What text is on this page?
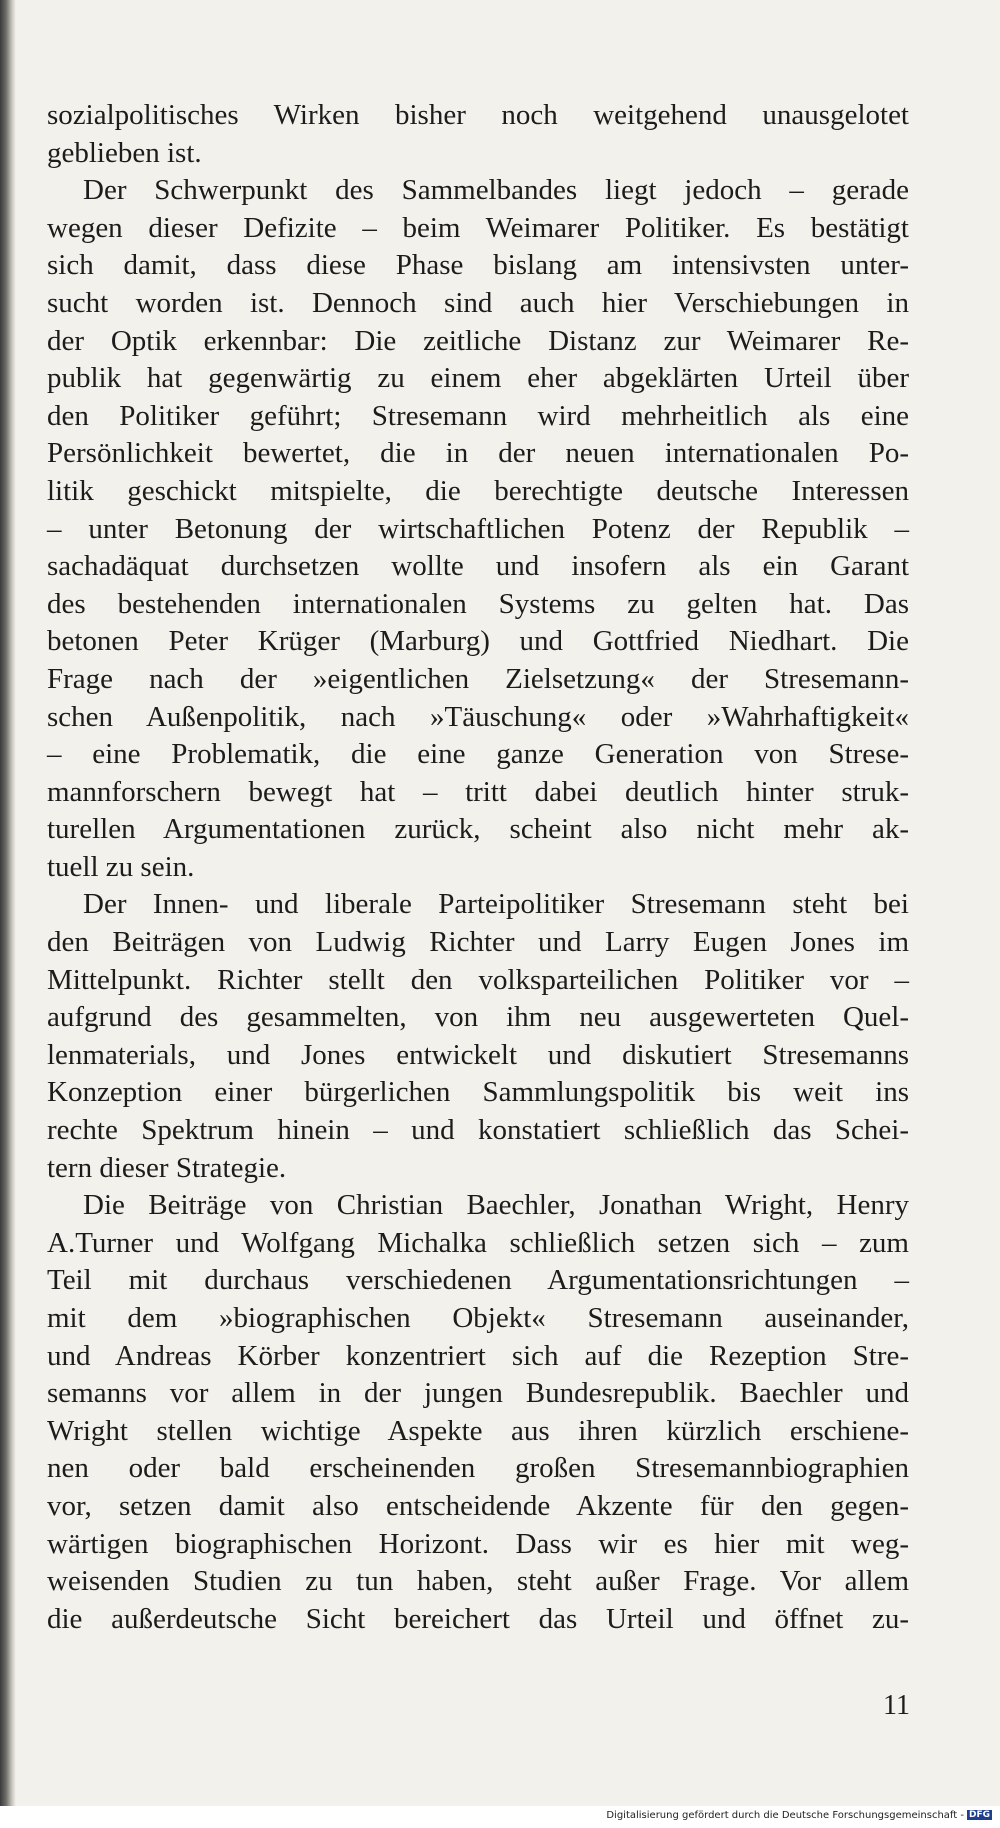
sozialpolitisches Wirken bisher noch weitgehend unausgelotet
geblieben ist.
Der Schwerpunkt des Sammelbandes liegt jedoch – gerade
wegen dieser Defizite – beim Weimarer Politiker. Es bestätigt
sich damit, dass diese Phase bislang am intensivsten unter-
sucht worden ist. Dennoch sind auch hier Verschiebungen in
der Optik erkennbar: Die zeitliche Distanz zur Weimarer Re-
publik hat gegenwärtig zu einem eher abgeklärten Urteil über
den Politiker geführt; Stresemann wird mehrheitlich als eine
Persönlichkeit bewertet, die in der neuen internationalen Po-
litik geschickt mitspielte, die berechtigte deutsche Interessen
– unter Betonung der wirtschaftlichen Potenz der Republik –
sachadäquat durchsetzen wollte und insofern als ein Garant
des bestehenden internationalen Systems zu gelten hat. Das
betonen Peter Krüger (Marburg) und Gottfried Niedhart. Die
Frage nach der »eigentlichen Zielsetzung« der Stresemann-
schen Außenpolitik, nach »Täuschung« oder »Wahrhaftigkeit«
– eine Problematik, die eine ganze Generation von Strese-
mannforschern bewegt hat – tritt dabei deutlich hinter struk-
turellen Argumentationen zurück, scheint also nicht mehr ak-
tuell zu sein.
Der Innen- und liberale Parteipolitiker Stresemann steht bei
den Beiträgen von Ludwig Richter und Larry Eugen Jones im
Mittelpunkt. Richter stellt den volksparteilichen Politiker vor –
aufgrund des gesammelten, von ihm neu ausgewerteten Quel-
lenmaterials, und Jones entwickelt und diskutiert Stresemanns
Konzeption einer bürgerlichen Sammlungspolitik bis weit ins
rechte Spektrum hinein – und konstatiert schließlich das Schei-
tern dieser Strategie.
Die Beiträge von Christian Baechler, Jonathan Wright, Henry
A.Turner und Wolfgang Michalka schließlich setzen sich – zum
Teil mit durchaus verschiedenen Argumentationsrichtungen –
mit dem »biographischen Objekt« Stresemann auseinander,
und Andreas Körber konzentriert sich auf die Rezeption Stre-
semanns vor allem in der jungen Bundesrepublik. Baechler und
Wright stellen wichtige Aspekte aus ihren kürzlich erschiene-
nen oder bald erscheinenden großen Stresemannbiographien
vor, setzen damit also entscheidende Akzente für den gegen-
wärtigen biographischen Horizont. Dass wir es hier mit weg-
weisenden Studien zu tun haben, steht außer Frage. Vor allem
die außerdeutsche Sicht bereichert das Urteil und öffnet zu-
11
Digitalisierung gefördert durch die Deutsche Forschungsgemeinschaft - DFG
